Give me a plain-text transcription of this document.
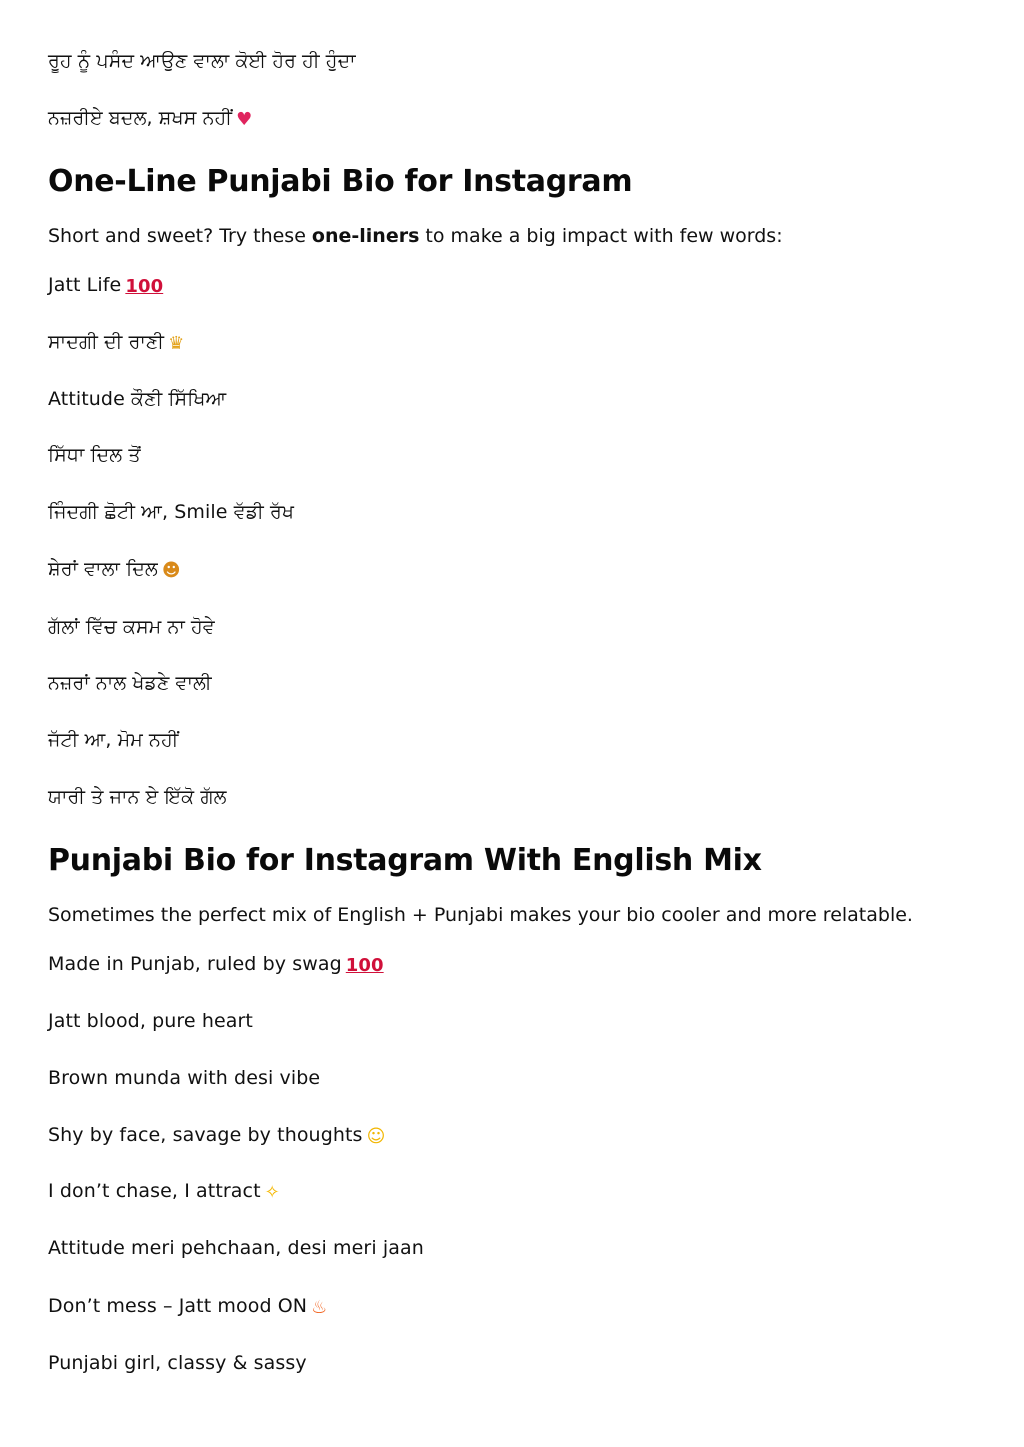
ਰੂਹ ਨੂੰ ਪਸੰਦ ਆਉਣ ਵਾਲਾ ਕੋਈ ਹੋਰ ਹੀ ਹੁੰਦਾ
ਨਜ਼ਰੀਏ ਬਦਲ, ਸ਼ਖਸ ਨਹੀਂ ♥
One-Line Punjabi Bio for Instagram

Short and sweet? Try these one-liners to make a big impact with few words:

Jatt Life 100
ਸਾਦਗੀ ਦੀ ਰਾਣੀ ♛
Attitude ਕੌਣੀ ਸਿੱਖਿਆ
ਸਿੱਧਾ ਦਿਲ ਤੋਂ
ਜਿੰਦਗੀ ਛੋਟੀ ਆ, Smile ਵੱਡੀ ਰੱਖ
ਸ਼ੇਰਾਂ ਵਾਲਾ ਦਿਲ ☻
ਗੱਲਾਂ ਵਿੱਚ ਕਸਮ ਨਾ ਹੋਵੇ
ਨਜ਼ਰਾਂ ਨਾਲ ਖੇਡਣੇ ਵਾਲੀ
ਜੱਟੀ ਆ, ਮੋਮ ਨਹੀਂ
ਯਾਰੀ ਤੇ ਜਾਨ ਏ ਇੱਕੋ ਗੱਲ
Punjabi Bio for Instagram With English Mix

Sometimes the perfect mix of English + Punjabi makes your bio cooler and more relatable.

Made in Punjab, ruled by swag 100
Jatt blood, pure heart
Brown munda with desi vibe
Shy by face, savage by thoughts ☺
I don’t chase, I attract ✧
Attitude meri pehchaan, desi meri jaan
Don’t mess – Jatt mood ON ♨
Punjabi girl, classy & sassy
